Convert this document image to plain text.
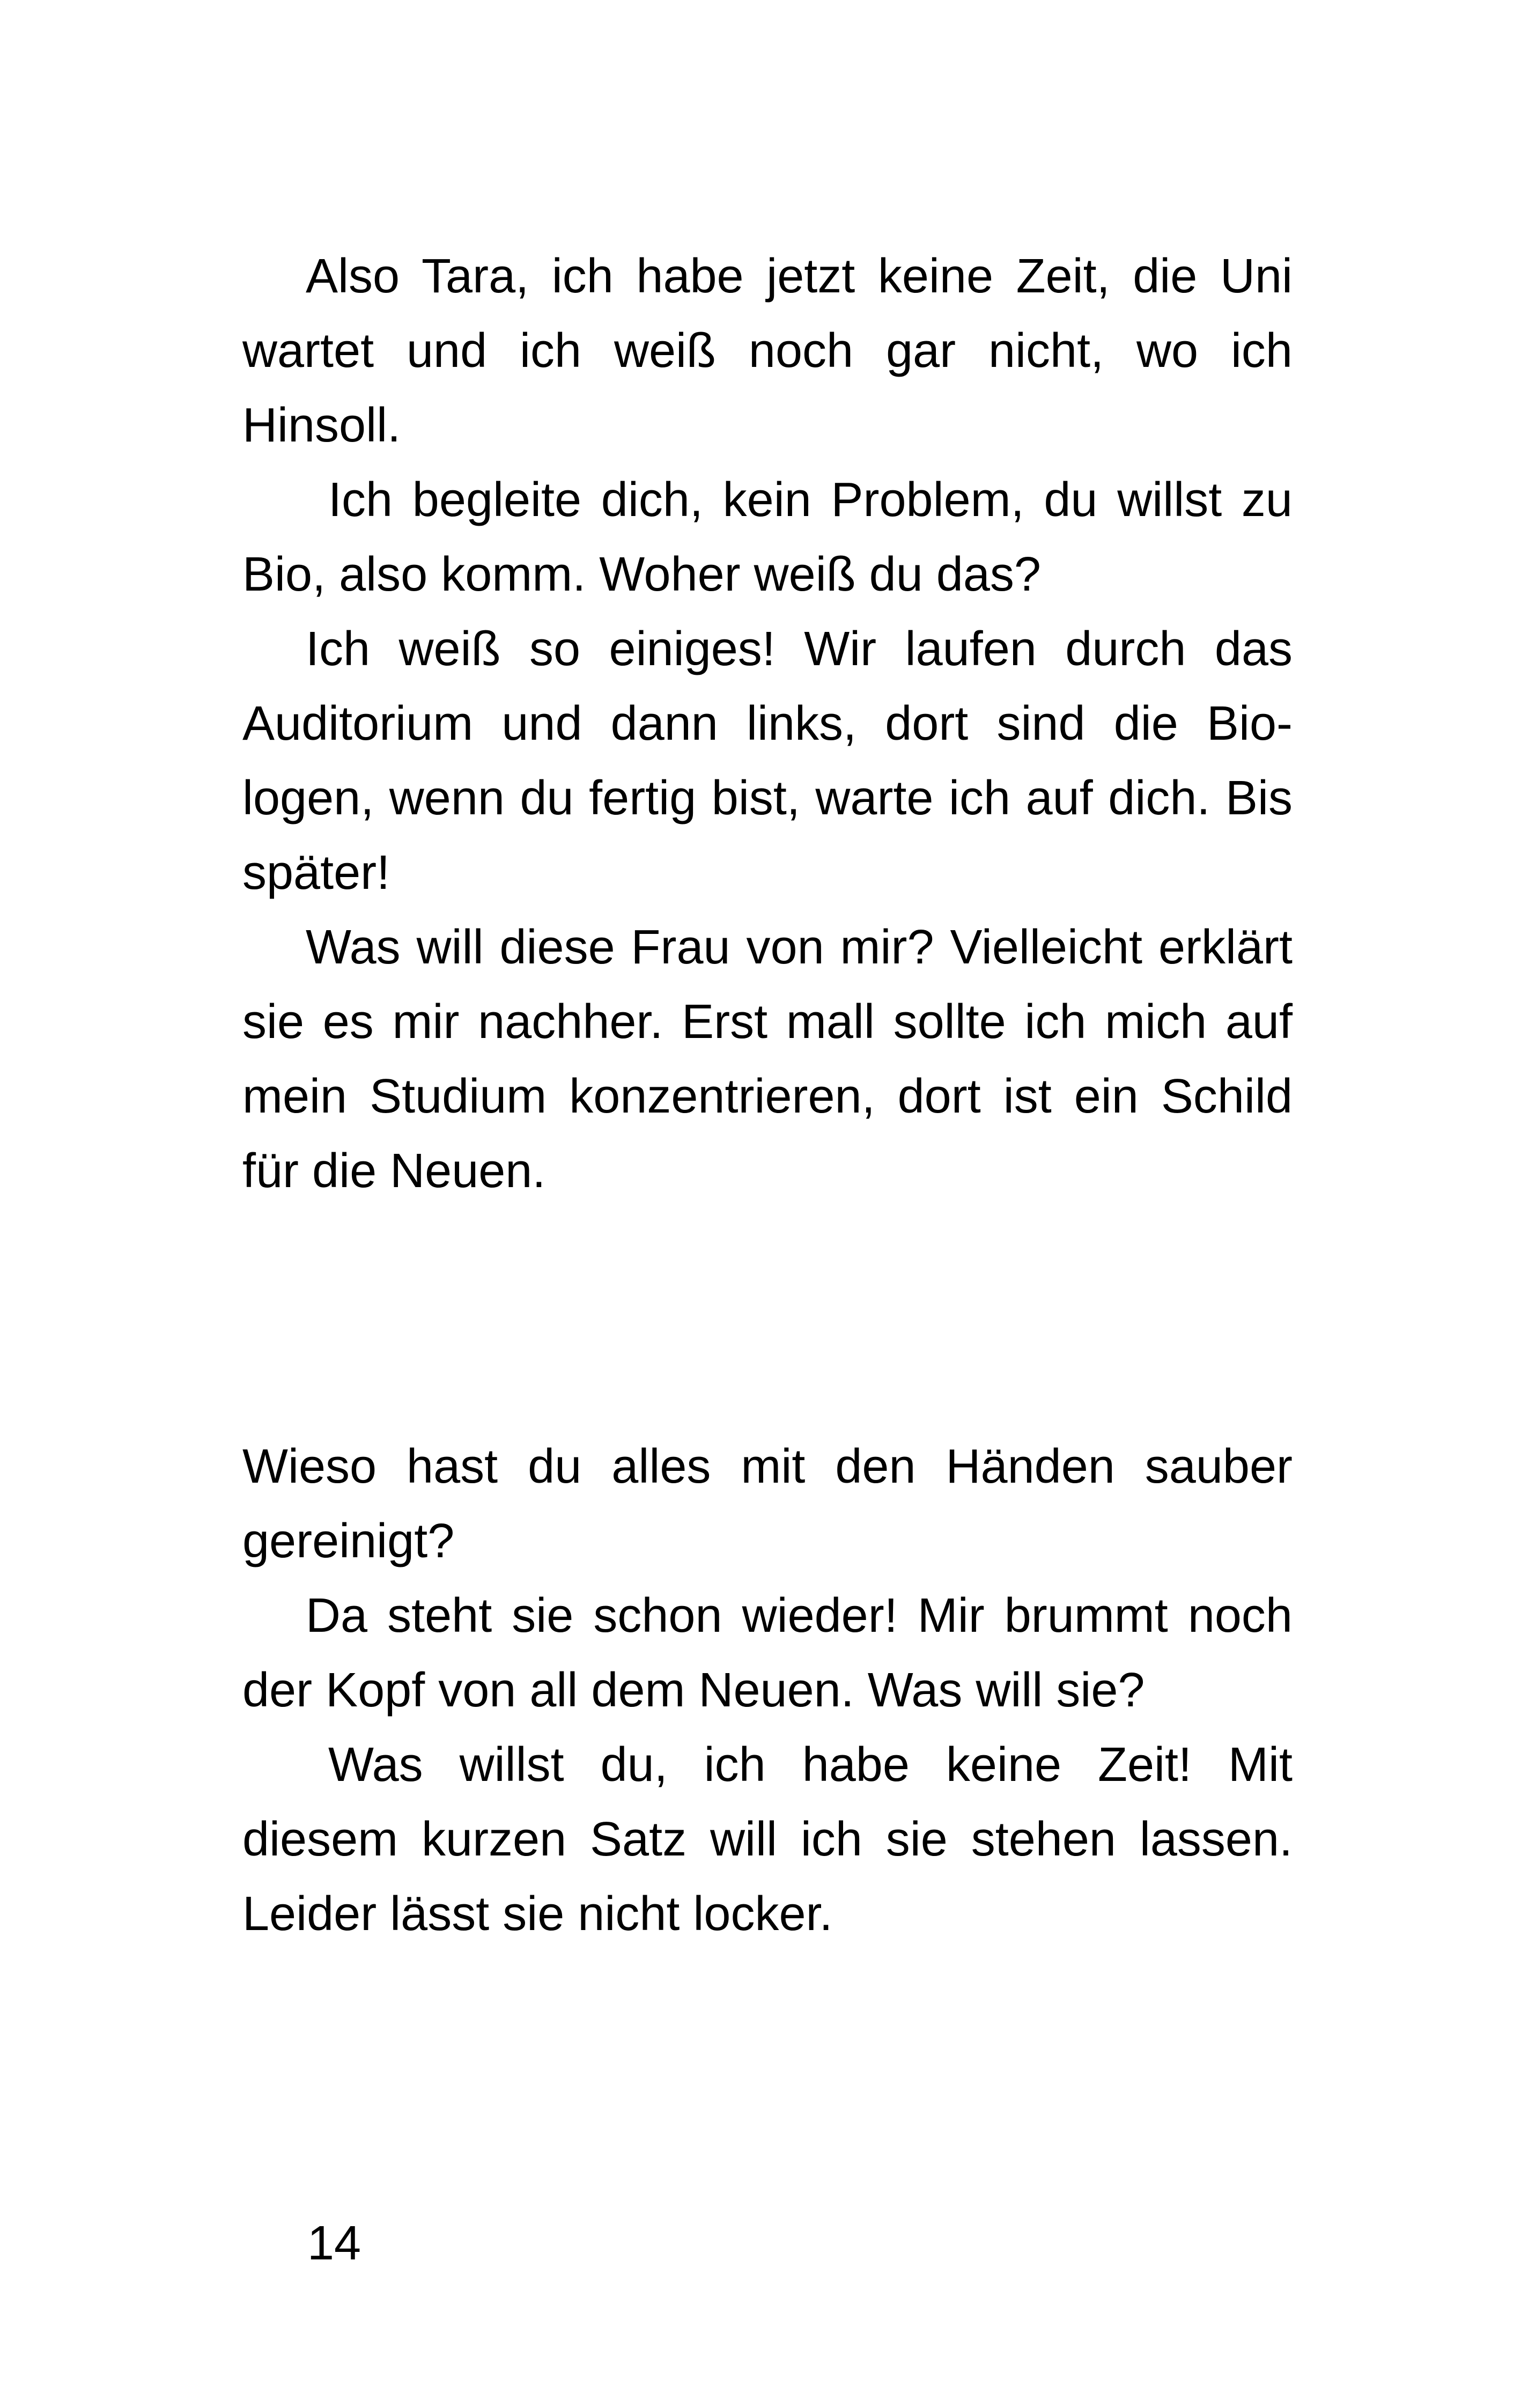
Also Tara, ich habe jetzt keine Zeit, die Uni wartet und ich weiß noch gar nicht, wo ich Hinsoll.

Ich begleite dich, kein Problem, du willst zu Bio, also komm. Woher weiß du das?

Ich weiß so einiges! Wir laufen durch das Auditorium und dann links, dort sind die Bio-logen, wenn du fertig bist, warte ich auf dich. Bis später!

Was will diese Frau von mir? Vielleicht erklärt sie es mir nachher. Erst mall sollte ich mich auf mein Studium konzentrieren, dort ist ein Schild für die Neuen.

Wieso hast du alles mit den Händen sauber gereinigt?

Da steht sie schon wieder! Mir brummt noch der Kopf von all dem Neuen. Was will sie?

Was willst du, ich habe keine Zeit! Mit diesem kurzen Satz will ich sie stehen lassen. Leider lässt sie nicht locker.

14
